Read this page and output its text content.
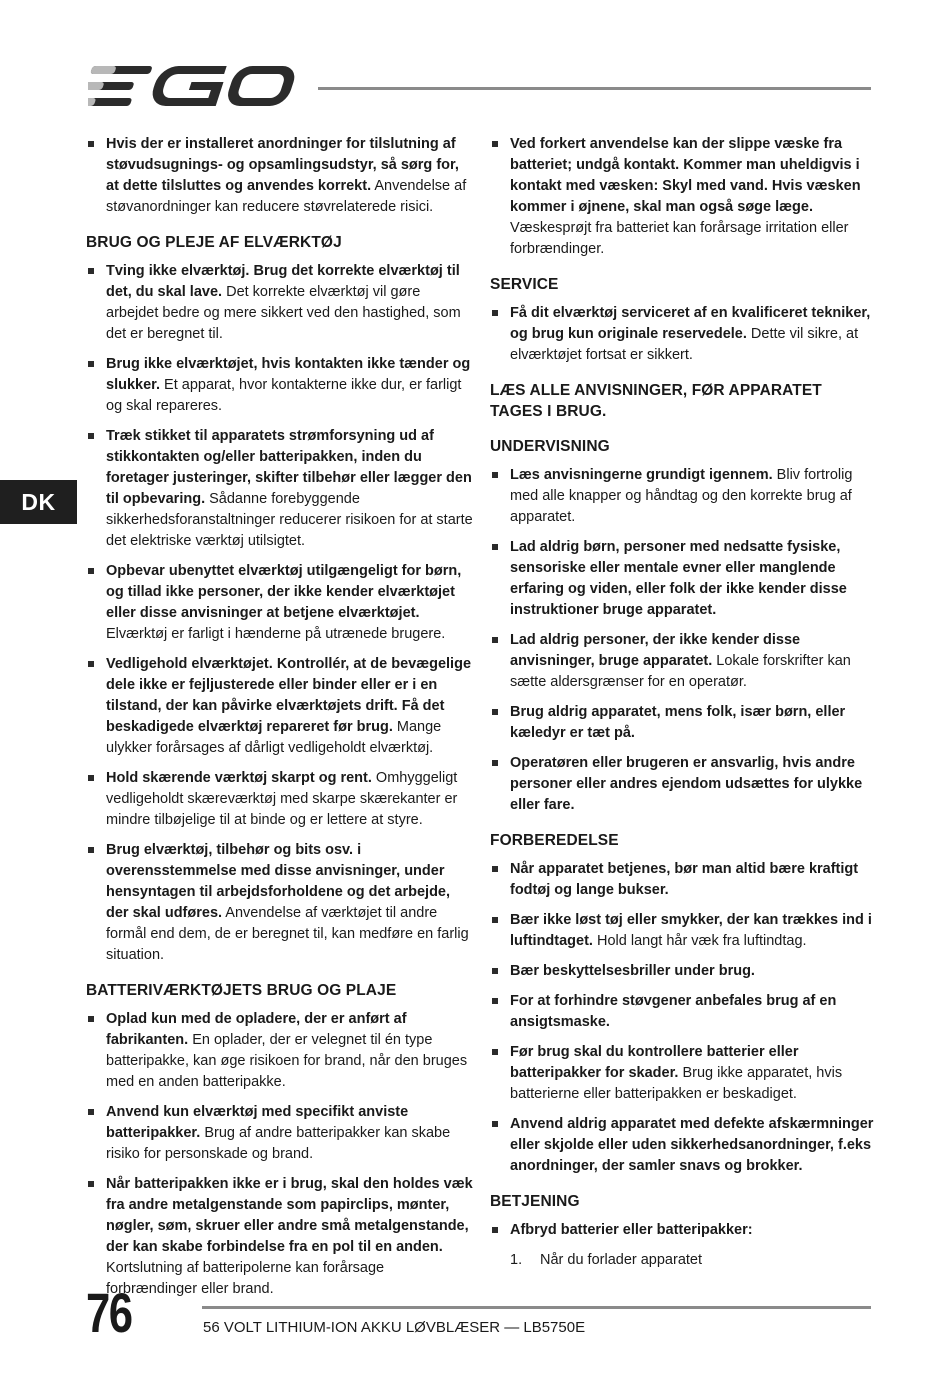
DK
Hvis der er installeret anordninger for tilslutning af støvudsugnings- og opsamlingsudstyr, så sørg for, at dette tilsluttes og anvendes korrekt. Anvendelse af støvanordninger kan reducere støvrelaterede risici.
BRUG OG PLEJE AF ELVÆRKTØJ
Tving ikke elværktøj. Brug det korrekte elværktøj til det, du skal lave. Det korrekte elværktøj vil gøre arbejdet bedre og mere sikkert ved den hastighed, som det er beregnet til.
Brug ikke elværktøjet, hvis kontakten ikke tænder og slukker. Et apparat, hvor kontakterne ikke dur, er farligt og skal repareres.
Træk stikket til apparatets strømforsyning ud af stikkontakten og/eller batteripakken, inden du foretager justeringer, skifter tilbehør eller lægger den til opbevaring. Sådanne forebyggende sikkerhedsforanstaltninger reducerer risikoen for at starte det elektriske værktøj utilsigtet.
Opbevar ubenyttet elværktøj utilgængeligt for børn, og tillad ikke personer, der ikke kender elværktøjet eller disse anvisninger at betjene elværktøjet. Elværktøj er farligt i hænderne på utrænede brugere.
Vedligehold elværktøjet. Kontrollér, at de bevægelige dele ikke er fejljusterede eller binder eller er i en tilstand, der kan påvirke elværktøjets drift. Få det beskadigede elværktøj repareret før brug. Mange ulykker forårsages af dårligt vedligeholdt elværktøj.
Hold skærende værktøj skarpt og rent. Omhyggeligt vedligeholdt skæreværktøj med skarpe skærekanter er mindre tilbøjelige til at binde og er lettere at styre.
Brug elværktøj, tilbehør og bits osv. i overensstemmelse med disse anvisninger, under hensyntagen til arbejdsforholdene og det arbejde, der skal udføres. Anvendelse af værktøjet til andre formål end dem, de er beregnet til, kan medføre en farlig situation.
BATTERIVÆRKTØJETS BRUG OG PLAJE
Oplad kun med de opladere, der er anført af fabrikanten. En oplader, der er velegnet til én type batteripakke, kan øge risikoen for brand, når den bruges med en anden batteripakke.
Anvend kun elværktøj med specifikt anviste batteripakker. Brug af andre batteripakker kan skabe risiko for personskade og brand.
Når batteripakken ikke er i brug, skal den holdes væk fra andre metalgenstande som papirclips, mønter, nøgler, søm, skruer eller andre små metalgenstande, der kan skabe forbindelse fra en pol til en anden. Kortslutning af batteripolerne kan forårsage forbrændinger eller brand.
Ved forkert anvendelse kan der slippe væske fra batteriet; undgå kontakt. Kommer man uheldigvis i kontakt med væsken: Skyl med vand. Hvis væsken kommer i øjnene, skal man også søge læge. Væskesprøjt fra batteriet kan forårsage irritation eller forbrændinger.
SERVICE
Få dit elværktøj serviceret af en kvalificeret tekniker, og brug kun originale reservedele. Dette vil sikre, at elværktøjet fortsat er sikkert.
LÆS ALLE ANVISNINGER, FØR APPARATET TAGES I BRUG.
UNDERVISNING
Læs anvisningerne grundigt igennem. Bliv fortrolig med alle knapper og håndtag og den korrekte brug af apparatet.
Lad aldrig børn, personer med nedsatte fysiske, sensoriske eller mentale evner eller manglende erfaring og viden, eller folk der ikke kender disse instruktioner bruge apparatet.
Lad aldrig personer, der ikke kender disse anvisninger, bruge apparatet. Lokale forskrifter kan sætte aldersgrænser for en operatør.
Brug aldrig apparatet, mens folk, især børn, eller kæledyr er tæt på.
Operatøren eller brugeren er ansvarlig, hvis andre personer eller andres ejendom udsættes for ulykke eller fare.
FORBEREDELSE
Når apparatet betjenes, bør man altid bære kraftigt fodtøj og lange bukser.
Bær ikke løst tøj eller smykker, der kan trækkes ind i luftindtaget. Hold langt hår væk fra luftindtag.
Bær beskyttelsesbriller under brug.
For at forhindre støvgener anbefales brug af en ansigtsmaske.
Før brug skal du kontrollere batterier eller batteripakker for skader. Brug ikke apparatet, hvis batterierne eller batteripakken er beskadiget.
Anvend aldrig apparatet med defekte afskærmninger eller skjolde eller uden sikkerhedsanordninger, f.eks anordninger, der samler snavs og brokker.
BETJENING
Afbryd batterier eller batteripakker:
1. Når du forlader apparatet
76	56 VOLT LITHIUM-ION AKKU LØVBLÆSER — LB5750E
